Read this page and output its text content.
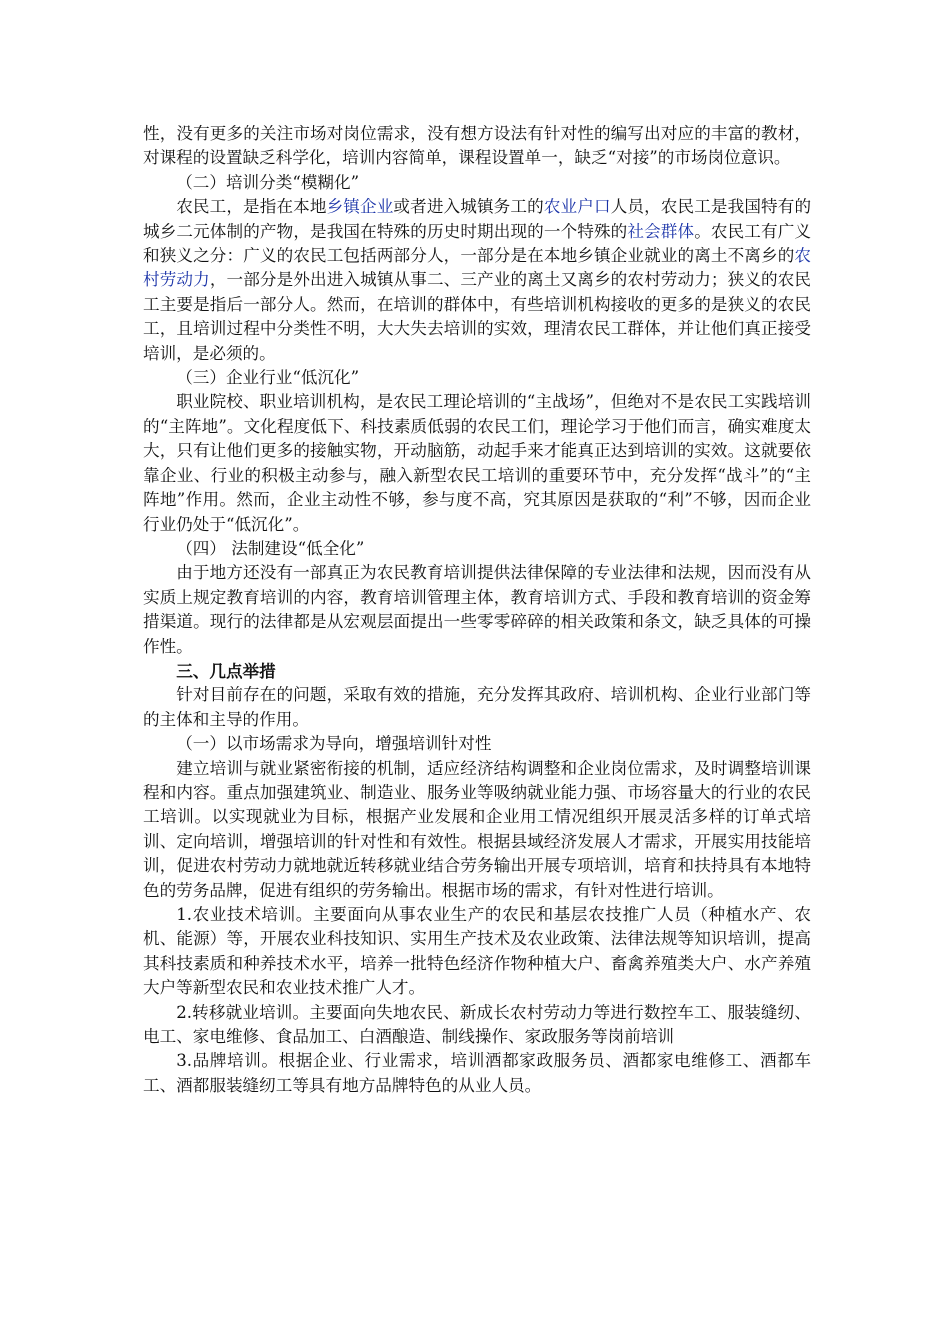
性，没有更多的关注市场对岗位需求，没有想方设法有针对性的编写出对应的丰富的教材，对课程的设置缺乏科学化，培训内容简单，课程设置单一，缺乏“对接”的市场岗位意识。

（二）培训分类“模糊化”

农民工，是指在本地乡镇企业或者进入城镇务工的农业户口人员，农民工是我国特有的城乡二元体制的产物，是我国在特殊的历史时期出现的一个特殊的社会群体。农民工有广义和狭义之分：广义的农民工包括两部分人，一部分是在本地乡镇企业就业的离土不离乡的农村劳动力，一部分是外出进入城镇从事二、三产业的离土又离乡的农村劳动力；狭义的农民工主要是指后一部分人。然而，在培训的群体中，有些培训机构接收的更多的是狭义的农民工，且培训过程中分类性不明，大大失去培训的实效，理清农民工群体，并让他们真正接受培训，是必须的。

（三）企业行业“低沉化”

职业院校、职业培训机构，是农民工理论培训的“主战场”，但绝对不是农民工实践培训的“主阵地”。文化程度低下、科技素质低弱的农民工们，理论学习于他们而言，确实难度太大，只有让他们更多的接触实物，开动脑筋，动起手来才能真正达到培训的实效。这就要依靠企业、行业的积极主动参与，融入新型农民工培训的重要环节中，充分发挥“战斗”的“主阵地”作用。然而，企业主动性不够，参与度不高，究其原因是获取的“利”不够，因而企业行业仍处于“低沉化”。

（四） 法制建设“低全化”

由于地方还没有一部真正为农民教育培训提供法律保障的专业法律和法规，因而没有从实质上规定教育培训的内容，教育培训管理主体，教育培训方式、手段和教育培训的资金筹措渠道。现行的法律都是从宏观层面提出一些零零碎碎的相关政策和条文，缺乏具体的可操作性。

三、几点举措

针对目前存在的问题，采取有效的措施，充分发挥其政府、培训机构、企业行业部门等的主体和主导的作用。

（一）以市场需求为导向，增强培训针对性

建立培训与就业紧密衔接的机制，适应经济结构调整和企业岗位需求，及时调整培训课程和内容。重点加强建筑业、制造业、服务业等吸纳就业能力强、市场容量大的行业的农民工培训。以实现就业为目标，根据产业发展和企业用工情况组织开展灵活多样的订单式培训、定向培训，增强培训的针对性和有效性。根据县域经济发展人才需求，开展实用技能培训，促进农村劳动力就地就近转移就业结合劳务输出开展专项培训，培育和扶持具有本地特色的劳务品牌，促进有组织的劳务输出。根据市场的需求，有针对性进行培训。

1.农业技术培训。主要面向从事农业生产的农民和基层农技推广人员（种植水产、农机、能源）等，开展农业科技知识、实用生产技术及农业政策、法律法规等知识培训，提高其科技素质和种养技术水平，培养一批特色经济作物种植大户、畜禽养殖类大户、水产养殖大户等新型农民和农业技术推广人才。

2.转移就业培训。主要面向失地农民、新成长农村劳动力等进行数控车工、服装缝纫、电工、家电维修、食品加工、白酒酿造、制线操作、家政服务等岗前培训

3.品牌培训。根据企业、行业需求，培训酒都家政服务员、酒都家电维修工、酒都车工、酒都服装缝纫工等具有地方品牌特色的从业人员。
